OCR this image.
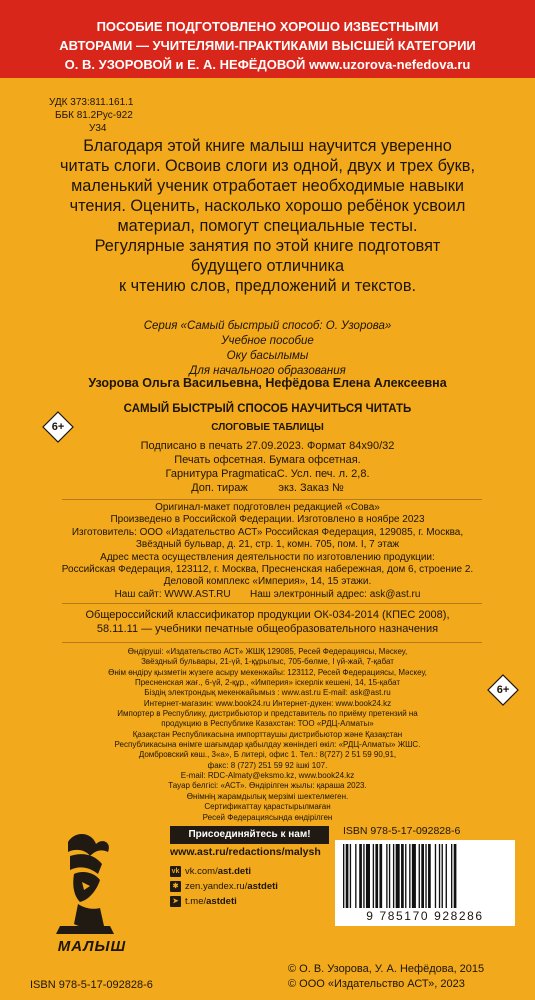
ПОСОБИЕ ПОДГОТОВЛЕНО ХОРОШО ИЗВЕСТНЫМИ
АВТОРАМИ — УЧИТЕЛЯМИ-ПРАКТИКАМИ ВЫСШЕЙ КАТЕГОРИИ
О. В. УЗОРОВОЙ и Е. А. НЕФЁДОВОЙ www.uzorova-nefedova.ru
УДК 373:811.161.1
ББК 81.2Рус-922
У34
Благодаря этой книге малыш научится уверенно
читать слоги. Освоив слоги из одной, двух и трех букв,
маленький ученик отработает необходимые навыки
чтения. Оценить, насколько хорошо ребёнок усвоил
материал, помогут специальные тесты.
Регулярные занятия по этой книге подготовят
будущего отличника
к чтению слов, предложений и текстов.
Серия «Самый быстрый способ: О. Узорова»
Учебное пособие
Оку басылымы
Для начального образования
Узорова Ольга Васильевна, Нефёдова Елена Алексеевна
6+
САМЫЙ БЫСТРЫЙ СПОСОБ НАУЧИТЬСЯ ЧИТАТЬ
СЛОГОВЫЕ ТАБЛИЦЫ
Подписано в печать 27.09.2023. Формат 84x90/32
Печать офсетная. Бумага офсетная.
Гарнитура PragmaticaC. Усл. печ. л. 2,8.
Доп. тираж          экз. Заказ №
Оригинал-макет подготовлен редакцией «Сова»
Произведено в Российской Федерации. Изготовлено в ноябре 2023
Изготовитель: ООО «Издательство АСТ» Российская Федерация, 129085, г. Москва,
Звёздный бульвар, д. 21, стр. 1, комн. 705, пом. I, 7 этаж
Адрес места осуществления деятельности по изготовлению продукции:
Российская Федерация, 123112, г. Москва, Пресненская набережная, дом 6, строение 2.
Деловой комплекс «Империя», 14, 15 этажи.
Наш сайт: WWW.AST.RU       Наш электронный адрес: ask@ast.ru
Общероссийский классификатор продукции ОК-034-2014 (КПЕС 2008),
58.11.11 — учебники печатные общеобразовательного назначения
Өндіруші: «Издательство АСТ» ЖШҚ 129085, Ресей Федерациясы, Мәскеу,
Звёздный бульвары, 21-үй, 1-құрылыс, 705-бөлме, I үй-жай, 7-қабат
Өнім өндіру қызметін жүзеге асыру мекенжайы: 123112, Ресей Федерациясы, Мәскеу,
Пресненская жағ., 6-үй, 2-құр., «Империя» іскерлік кешені, 14, 15-қабат
Біздің электрондық мекенжайымыз : www.ast.ru E-mail: ask@ast.ru
Интернет-магазин: www.book24.ru Интернет-дүкен: www.book24.kz
Импортер в Республику, дистрибьютор и представитель по приёму претензий на
продукцию в Республике Казахстан: ТОО «РДЦ-Алматы»
Қазақстан Республикасына импорттаушы дистрибьютор және Қазақстан
Республикасына өнімге шағымдар қабылдау жөніндегі өкіл: «РДЦ-Алматы» ЖШС.
Домбровский көш., 3«а», Б литері, офис 1. Тел.: 8(727) 2 51 59 90,91,
факс: 8 (727) 251 59 92 ішкі 107.
E-mail: RDC-Almaty@eksmo.kz, www.book24.kz
Тауар белгісі: «АСТ». Өндірілген жылы: қараша 2023.
Өнімнің жарамдылық мерзімі шектелмеген.
Сертификаттау қарастырылмаған
Ресей Федерациясында өндірілген
6+
МАЛЫШ
Присоединяйтесь к нам!
www.ast.ru/redactions/malysh
vk vk.com/ ast.deti
✱ zen.yandex.ru/ astdeti
➤ t.me/ astdeti
ISBN 978-5-17-092828-6
9 785170 928286
ISBN 978-5-17-092828-6
© О. В. Узорова, У. А. Нефёдова, 2015
© ООО «Издательство АСТ», 2023
